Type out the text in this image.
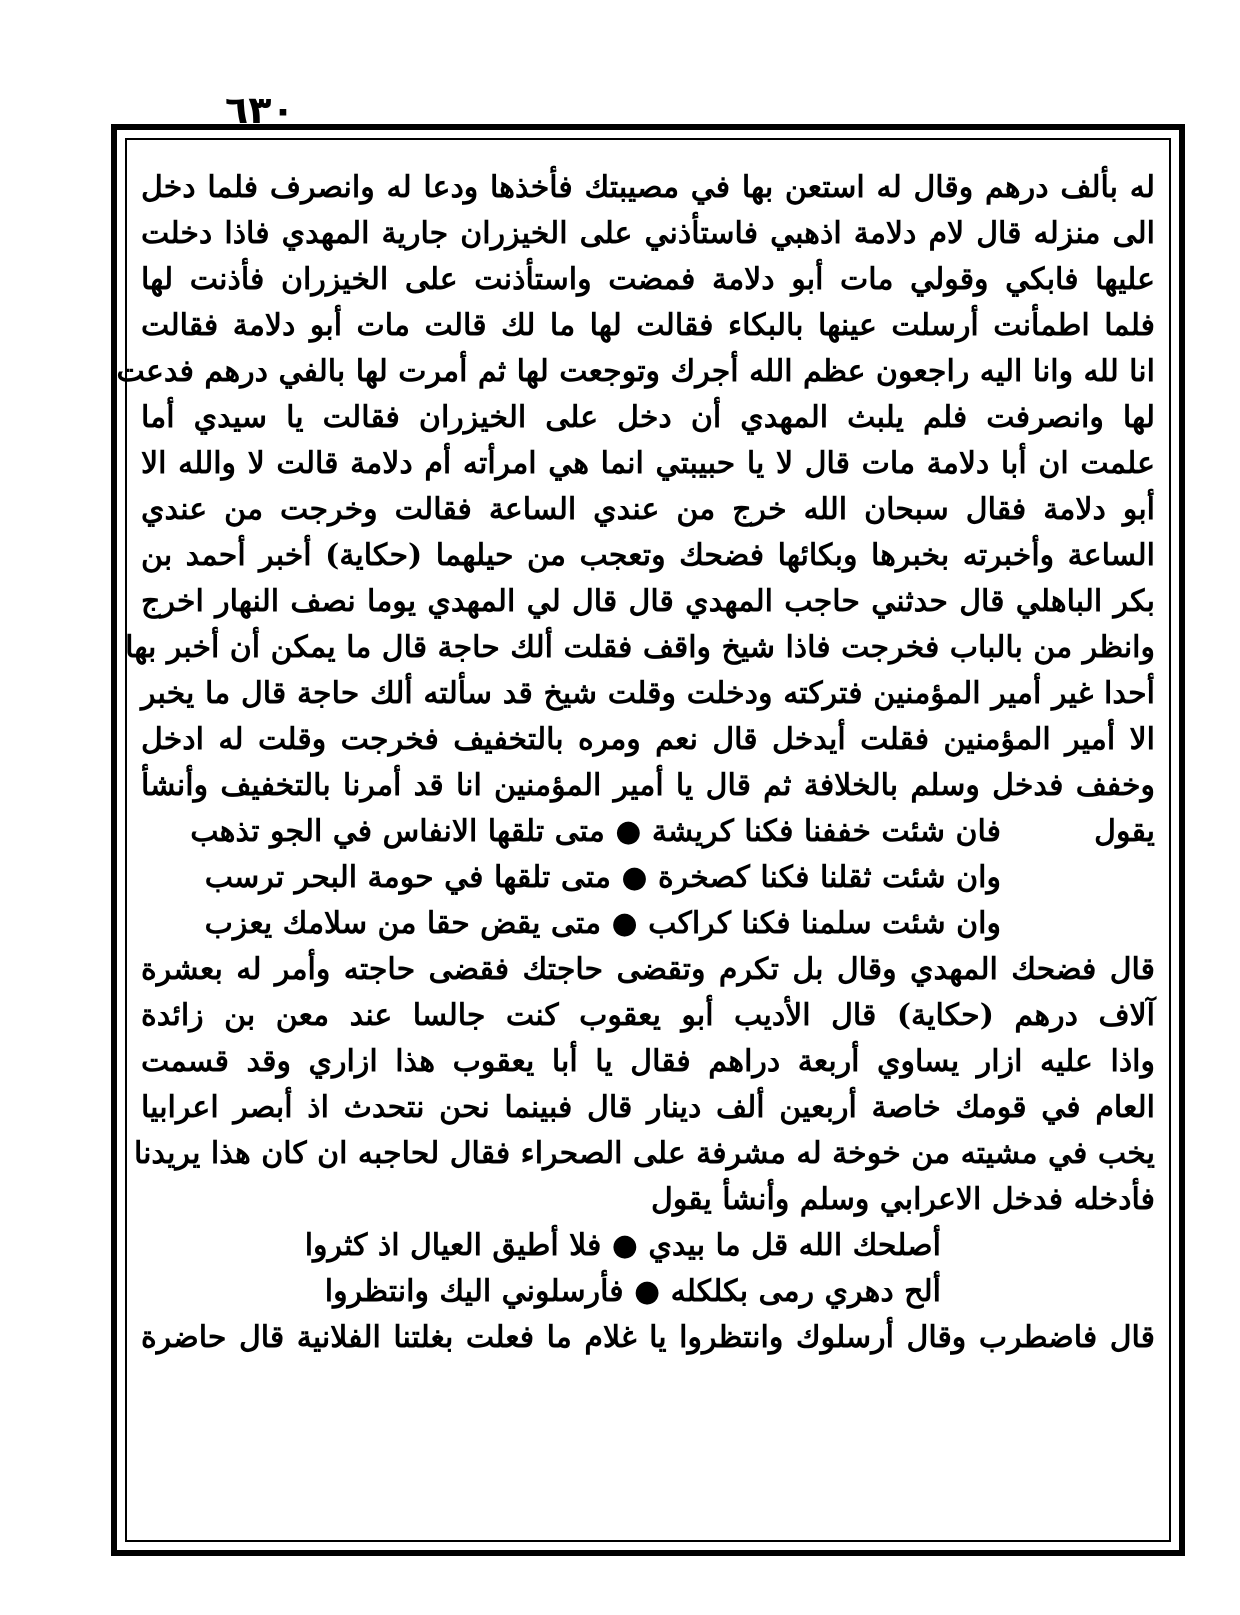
٦٣٠
له بألف درهم وقال له استعن بها في مصيبتك فأخذها ودعا له وانصرف فلما دخل
الى منزله قال لام دلامة اذهبي فاستأذني على الخيزران جارية المهدي فاذا دخلت
عليها فابكي وقولي مات أبو دلامة فمضت واستأذنت على الخيزران فأذنت لها
فلما اطمأنت أرسلت عينها بالبكاء فقالت لها ما لك قالت مات أبو دلامة فقالت
انا لله وانا اليه راجعون عظم الله أجرك وتوجعت لها ثم أمرت لها بالفي درهم فدعت
لها وانصرفت فلم يلبث المهدي أن دخل على الخيزران فقالت يا سيدي أما
علمت ان أبا دلامة مات قال لا يا حبيبتي انما هي امرأته أم دلامة قالت لا والله الا
أبو دلامة فقال سبحان الله خرج من عندي الساعة فقالت وخرجت من عندي
الساعة وأخبرته بخبرها وبكائها فضحك وتعجب من حيلهما (حكاية) أخبر أحمد بن
بكر الباهلي قال حدثني حاجب المهدي قال قال لي المهدي يوما نصف النهار اخرج
وانظر من بالباب فخرجت فاذا شيخ واقف فقلت ألك حاجة قال ما يمكن أن أخبر بها
أحدا غير أمير المؤمنين فتركته ودخلت وقلت شيخ قد سألته ألك حاجة قال ما يخبر
الا أمير المؤمنين فقلت أيدخل قال نعم ومره بالتخفيف فخرجت وقلت له ادخل
وخفف فدخل وسلم بالخلافة ثم قال يا أمير المؤمنين انا قد أمرنا بالتخفيف وأنشأ
يقول
فان شئت خففنا فكنا كريشة ● متى تلقها الانفاس في الجو تذهب
وان شئت ثقلنا فكنا كصخرة ● متى تلقها في حومة البحر ترسب
وان شئت سلمنا فكنا كراكب ● متى يقض حقا من سلامك يعزب
قال فضحك المهدي وقال بل تكرم وتقضى حاجتك فقضى حاجته وأمر له بعشرة
آلاف درهم (حكاية) قال الأديب أبو يعقوب كنت جالسا عند معن بن زائدة
واذا عليه ازار يساوي أربعة دراهم فقال يا أبا يعقوب هذا ازاري وقد قسمت
العام في قومك خاصة أربعين ألف دينار قال فبينما نحن نتحدث اذ أبصر اعرابيا
يخب في مشيته من خوخة له مشرفة على الصحراء فقال لحاجبه ان كان هذا يريدنا
فأدخله فدخل الاعرابي وسلم وأنشأ يقول
أصلحك الله قل ما بيدي ● فلا أطيق العيال اذ كثروا
ألح دهري رمى بكلكله ● فأرسلوني اليك وانتظروا
قال فاضطرب وقال أرسلوك وانتظروا يا غلام ما فعلت بغلتنا الفلانية قال حاضرة
